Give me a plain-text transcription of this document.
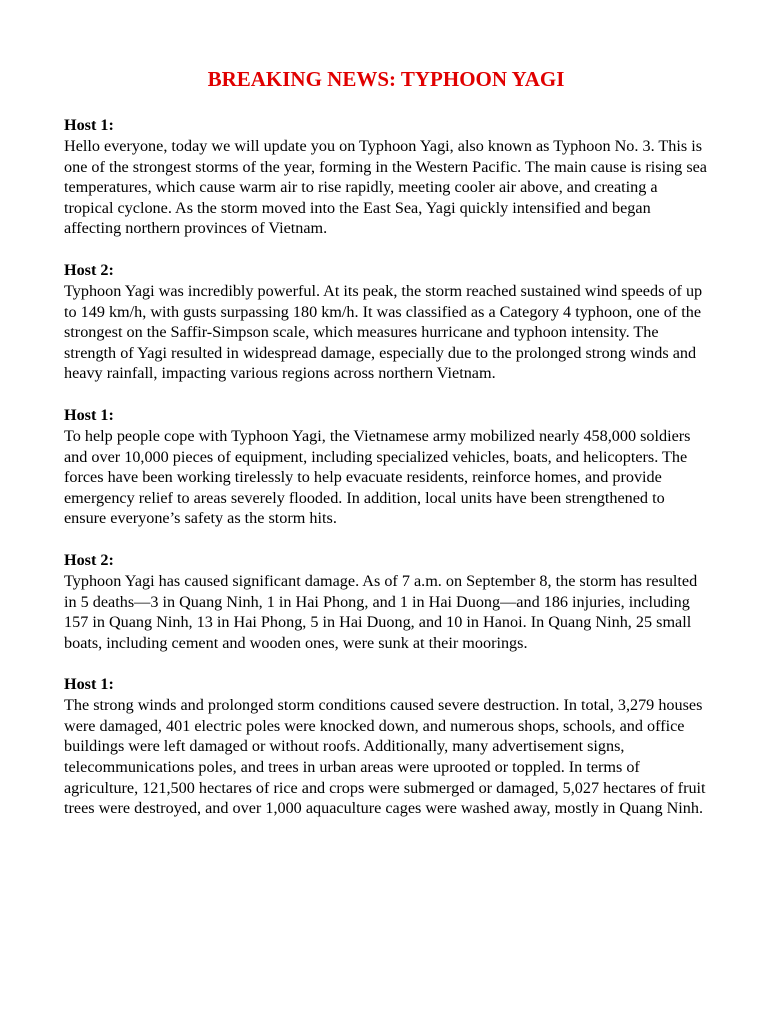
BREAKING NEWS: TYPHOON YAGI

Host 1:

Hello everyone, today we will update you on Typhoon Yagi, also known as Typhoon No. 3. This is one of the strongest storms of the year, forming in the Western Pacific. The main cause is rising sea temperatures, which cause warm air to rise rapidly, meeting cooler air above, and creating a tropical cyclone. As the storm moved into the East Sea, Yagi quickly intensified and began affecting northern provinces of Vietnam.

Host 2:

Typhoon Yagi was incredibly powerful. At its peak, the storm reached sustained wind speeds of up to 149 km/h, with gusts surpassing 180 km/h. It was classified as a Category 4 typhoon, one of the strongest on the Saffir-Simpson scale, which measures hurricane and typhoon intensity. The strength of Yagi resulted in widespread damage, especially due to the prolonged strong winds and heavy rainfall, impacting various regions across northern Vietnam.

Host 1:

To help people cope with Typhoon Yagi, the Vietnamese army mobilized nearly 458,000 soldiers and over 10,000 pieces of equipment, including specialized vehicles, boats, and helicopters. The forces have been working tirelessly to help evacuate residents, reinforce homes, and provide emergency relief to areas severely flooded. In addition, local units have been strengthened to ensure everyone’s safety as the storm hits.

Host 2:

Typhoon Yagi has caused significant damage. As of 7 a.m. on September 8, the storm has resulted in 5 deaths—3 in Quang Ninh, 1 in Hai Phong, and 1 in Hai Duong—and 186 injuries, including 157 in Quang Ninh, 13 in Hai Phong, 5 in Hai Duong, and 10 in Hanoi. In Quang Ninh, 25 small boats, including cement and wooden ones, were sunk at their moorings.

Host 1:

The strong winds and prolonged storm conditions caused severe destruction. In total, 3,279 houses were damaged, 401 electric poles were knocked down, and numerous shops, schools, and office buildings were left damaged or without roofs. Additionally, many advertisement signs, telecommunications poles, and trees in urban areas were uprooted or toppled. In terms of agriculture, 121,500 hectares of rice and crops were submerged or damaged, 5,027 hectares of fruit trees were destroyed, and over 1,000 aquaculture cages were washed away, mostly in Quang Ninh.
